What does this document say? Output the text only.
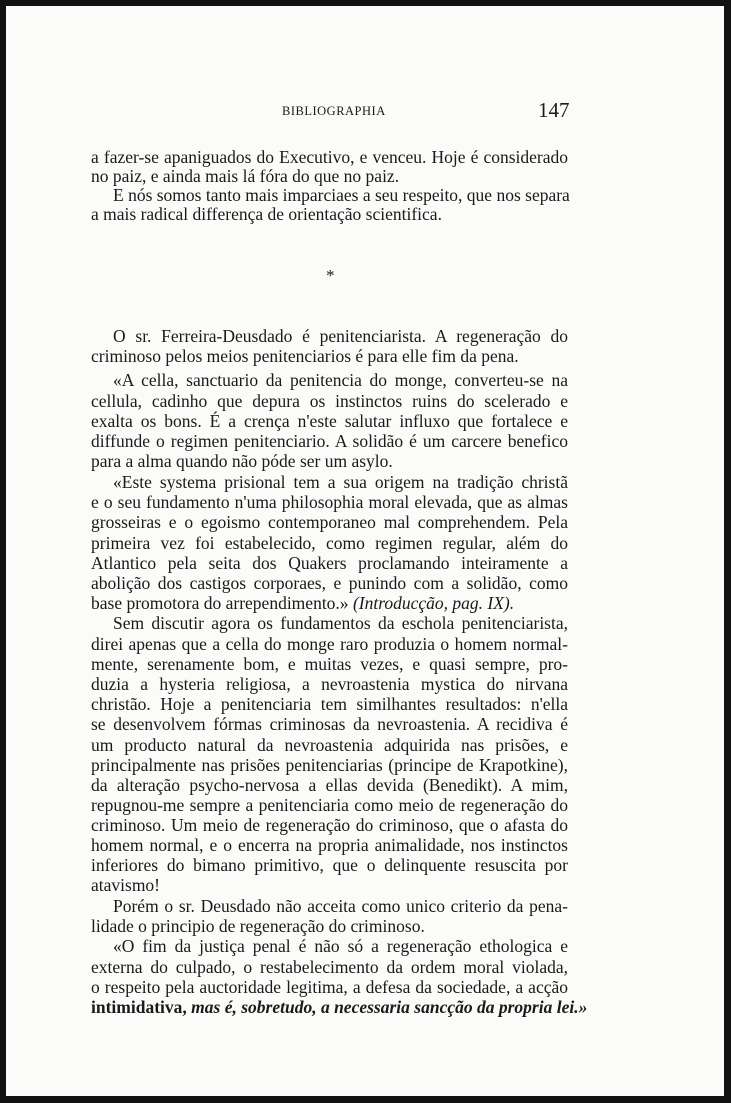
BIBLIOGRAPHIA	147
a fazer-se apaniguados do Executivo, e venceu. Hoje é considerado
no paiz, e ainda mais lá fóra do que no paiz.
E nós somos tanto mais imparciaes a seu respeito, que nos separa
a mais radical differença de orientação scientifica.
*
O sr. Ferreira-Deusdado é penitenciarista. A regeneração do
criminoso pelos meios penitenciarios é para elle fim da pena.
«A cella, sanctuario da penitencia do monge, converteu-se na
cellula, cadinho que depura os instinctos ruins do scelerado e
exalta os bons. É a crença n'este salutar influxo que fortalece e
diffunde o regimen penitenciario. A solidão é um carcere benefico
para a alma quando não póde ser um asylo.
«Este systema prisional tem a sua origem na tradição christã
e o seu fundamento n'uma philosophia moral elevada, que as almas
grosseiras e o egoismo contemporaneo mal comprehendem. Pela
primeira vez foi estabelecido, como regimen regular, além do
Atlantico pela seita dos Quakers proclamando inteiramente a
abolição dos castigos corporaes, e punindo com a solidão, como
base promotora do arrependimento.» (Introducção, pag. IX).
Sem discutir agora os fundamentos da eschola penitenciarista,
direi apenas que a cella do monge raro produzia o homem normal-
mente, serenamente bom, e muitas vezes, e quasi sempre, pro-
duzia a hysteria religiosa, a nevroastenia mystica do nirvana
christão. Hoje a penitenciaria tem similhantes resultados: n'ella
se desenvolvem fórmas criminosas da nevroastenia. A recidiva é
um producto natural da nevroastenia adquirida nas prisões, e
principalmente nas prisões penitenciarias (principe de Krapotkine),
da alteração psycho-nervosa a ellas devida (Benedikt). A mim,
repugnou-me sempre a penitenciaria como meio de regeneração do
criminoso. Um meio de regeneração do criminoso, que o afasta do
homem normal, e o encerra na propria animalidade, nos instinctos
inferiores do bimano primitivo, que o delinquente resuscita por
atavismo!
Porém o sr. Deusdado não acceita como unico criterio da pena-
lidade o principio de regeneração do criminoso.
«O fim da justiça penal é não só a regeneração ethologica e
externa do culpado, o restabelecimento da ordem moral violada,
o respeito pela auctoridade legitima, a defesa da sociedade, a acção
intimidativa, mas é, sobretudo, a necessaria sancção da propria lei.»
